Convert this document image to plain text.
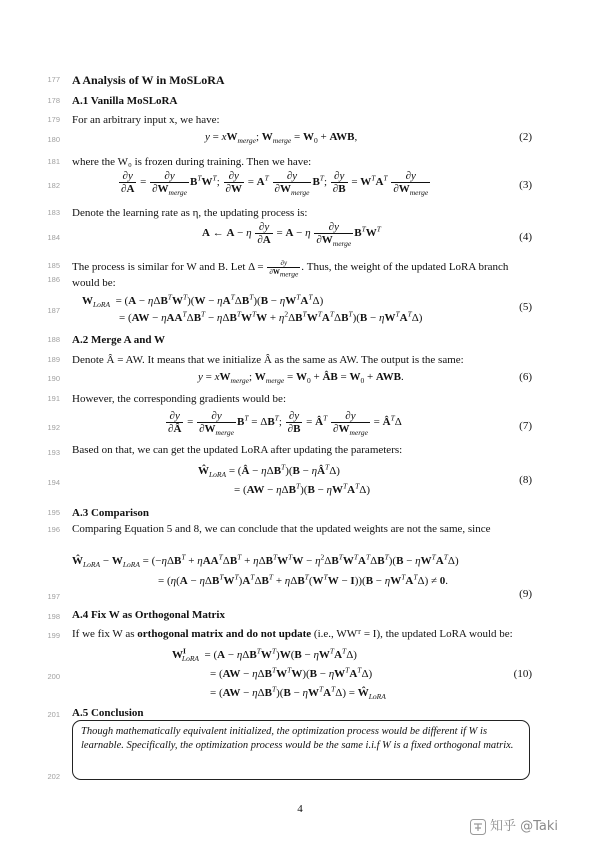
177
178
179
180
181
182
183
184
185
186
187
188
189
190
191
192
193
194
195
196
197
198
199
200
201
202
A Analysis of W in MoSLoRA
A.1 Vanilla MoSLoRA
For an arbitrary input x, we have:
$y = xW_{merge}$; $W_{merge} = W_0$ + AWB,	(2)
where the W₀ is frozen during training. Then we have:
$\frac{\partial y}{\partial A} = \frac{\partial y}{\partial W_{merge}} B^TW^T$; $\frac{\partial y}{\partial W} = A^T \frac{\partial y}{\partial W_{merge}} B^T$; $\frac{\partial y}{\partial B} = W^TA^T \frac{\partial y}{\partial W_{merge}}$	(3)
Denote the learning rate as η, the updating process is:
A ← A − η $\frac{\partial y}{\partial A} = A - \eta \frac{\partial y}{\partial W_{merge}} B^TW^T$
(4)
The process is similar for W and B. Let $\Delta = \frac{\partial y}{\partial W_{merge}}$ . Thus, the weight of the updated LoRA branch would be:
$W_{LoRA} = (A - \eta\Delta B^TW^T)(W - \eta A^T\Delta B^T)(B - \eta W^TA^T\Delta)$
= $(AW - \eta AA^T\Delta B^T - \eta\Delta B^TW^TW + \eta^2\Delta B^TW^TA^T\Delta B^T)(B - \eta W^TA^T\Delta)$
(5)
A.2 Merge A and W
Denote Â = AW. It means that we initialize Â as the same as AW. The output is the same:
$y = xW_{merge}$; $W_{merge} = W_0$ + ÂB = $W_0$ + AWB.	(6)
However, the corresponding gradients would be:
$\frac{\partial y}{\partial Â} = \frac{\partial y}{\partial W_{merge}} B^T = \Delta B^T$; $\frac{\partial y}{\partial B}$ = $Â^T \frac{\partial y}{\partial W_{merge}}$ = $Â^T\Delta$	(7)
Based on that, we can get the updated LoRA after updating the parameters:
$Ŵ_{LoRA}$ = (Â − $\eta\Delta B^T)(B - \eta Â^T\Delta)$
= $(AW - \eta\Delta B^T)(B - \eta W^TA^T\Delta)$
(8)
A.3 Comparison
Comparing Equation 5 and 8, we can conclude that the updated weights are not the same, since
$Ŵ_{LoRA} - W_{LoRA} = (-\eta\Delta B^T + \eta AA^T\Delta B^T + \eta\Delta B^TW^TW - \eta^2\Delta B^TW^TA^T\Delta B^T)(B - \eta W^TA^T\Delta)$
= $(\eta(A - \eta\Delta B^TW^T)A^T\Delta B^T + \eta\Delta B^T(W^TW - I))(B - \eta W^TA^T\Delta) \ne 0$.
(9)
A.4 Fix W as Orthogonal Matrix
If we fix W as orthogonal matrix and do not update (i.e., WWᵀ = I), the updated LoRA would be:
$W^I_{LoRA} = (A - \eta\Delta B^TW^T)W(B - \eta W^TA^T\Delta)$
= $(AW - \eta\Delta B^TW^TW)(B - \eta W^TA^T\Delta)$
= $(AW - \eta\Delta B^T)(B - \eta W^TA^T\Delta)$ = $Ŵ_{LoRA}$
(10)
A.5 Conclusion
Though mathematically equivalent initialized, the optimization process would be different if W is learnable. Specifically, the optimization process would be the same i.i.f W is a fixed orthogonal matrix.
4
知乎 @Taki
